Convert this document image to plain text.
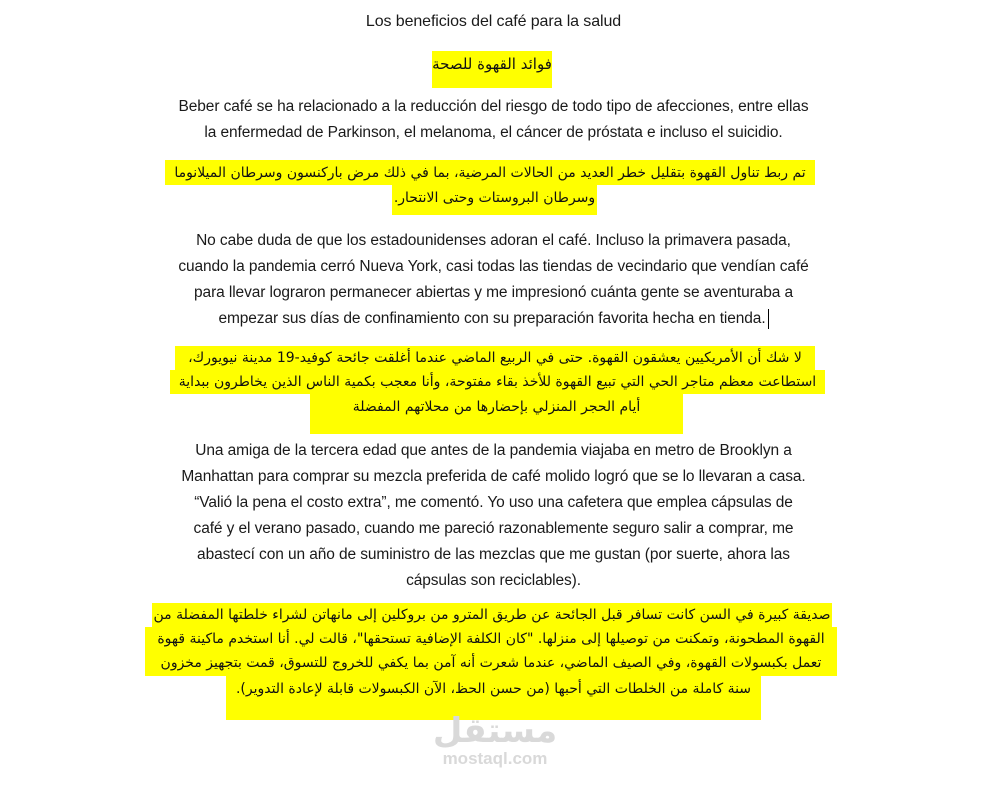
Los beneficios del café para la salud
فوائد القهوة للصحة
Beber café se ha relacionado a la reducción del riesgo de todo tipo de afecciones, entre ellas
la enfermedad de Parkinson, el melanoma, el cáncer de próstata e incluso el suicidio.
تم ربط تناول القهوة بتقليل خطر العديد من الحالات المرضية، بما في ذلك مرض باركنسون وسرطان الميلانوما
وسرطان البروستات وحتى الانتحار.
No cabe duda de que los estadounidenses adoran el café. Incluso la primavera pasada,
cuando la pandemia cerró Nueva York, casi todas las tiendas de vecindario que vendían café
para llevar lograron permanecer abiertas y me impresionó cuánta gente se aventuraba a
empezar sus días de confinamiento con su preparación favorita hecha en tienda.
لا شك أن الأمريكيين يعشقون القهوة. حتى في الربيع الماضي عندما أغلقت جائحة كوفيد-19 مدينة نيويورك،
استطاعت معظم متاجر الحي التي تبيع القهوة للأخذ بقاء مفتوحة، وأنا معجب بكمية الناس الذين يخاطرون ببداية
أيام الحجر المنزلي بإحضارها من محلاتهم المفضلة
Una amiga de la tercera edad que antes de la pandemia viajaba en metro de Brooklyn a
Manhattan para comprar su mezcla preferida de café molido logró que se lo llevaran a casa.
“Valió la pena el costo extra”, me comentó. Yo uso una cafetera que emplea cápsulas de
café y el verano pasado, cuando me pareció razonablemente seguro salir a comprar, me
abastecí con un año de suministro de las mezclas que me gustan (por suerte, ahora las
cápsulas son reciclables).
صديقة كبيرة في السن كانت تسافر قبل الجائحة عن طريق المترو من بروكلين إلى مانهاتن لشراء خلطتها المفضلة من
القهوة المطحونة، وتمكنت من توصيلها إلى منزلها. "كان الكلفة الإضافية تستحقها"، قالت لي. أنا استخدم ماكينة قهوة
تعمل بكبسولات القهوة، وفي الصيف الماضي، عندما شعرت أنه آمن بما يكفي للخروج للتسوق، قمت بتجهيز مخزون
سنة كاملة من الخلطات التي أحبها (من حسن الحظ، الآن الكبسولات قابلة لإعادة التدوير).
مستقل
mostaql.com
